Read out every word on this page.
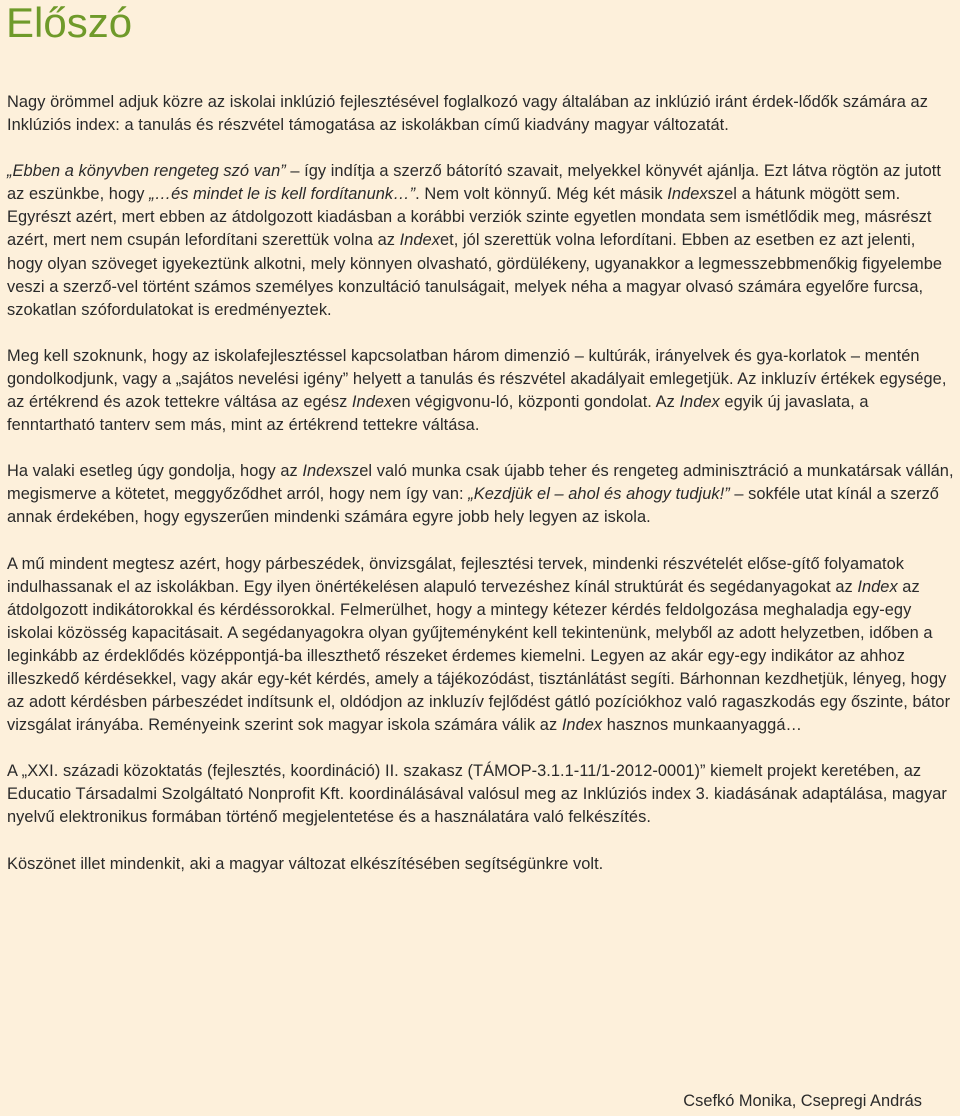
Előszó

Nagy örömmel adjuk közre az iskolai inklúzió fejlesztésével foglalkozó vagy általában az inklúzió iránt érdek-lődők számára az Inklúziós index: a tanulás és részvétel támogatása az iskolákban című kiadvány magyar változatát.

„Ebben a könyvben rengeteg szó van” – így indítja a szerző bátorító szavait, melyekkel könyvét ajánlja. Ezt látva rögtön az jutott az eszünkbe, hogy „…és mindet le is kell fordítanunk…”. Nem volt könnyű. Még két másik Indexszel a hátunk mögött sem. Egyrészt azért, mert ebben az átdolgozott kiadásban a korábbi verziók szinte egyetlen mondata sem ismétlődik meg, másrészt azért, mert nem csupán lefordítani szerettük volna az Indexet, jól szerettük volna lefordítani. Ebben az esetben ez azt jelenti, hogy olyan szöveget igyekeztünk alkotni, mely könnyen olvasható, gördülékeny, ugyanakkor a legmesszebbmenőkig figyelembe veszi a szerző-vel történt számos személyes konzultáció tanulságait, melyek néha a magyar olvasó számára egyelőre furcsa, szokatlan szófordulatokat is eredményeztek.

Meg kell szoknunk, hogy az iskolafejlesztéssel kapcsolatban három dimenzió – kultúrák, irányelvek és gya-korlatok – mentén gondolkodjunk, vagy a „sajátos nevelési igény” helyett a tanulás és részvétel akadályait emlegetjük. Az inkluzív értékek egysége, az értékrend és azok tettekre váltása az egész Indexen végigvonu-ló, központi gondolat. Az Index egyik új javaslata, a fenntartható tanterv sem más, mint az értékrend tettekre váltása.

Ha valaki esetleg úgy gondolja, hogy az Indexszel való munka csak újabb teher és rengeteg adminisztráció a munkatársak vállán, megismerve a kötetet, meggyőződhet arról, hogy nem így van: „Kezdjük el – ahol és ahogy tudjuk!” – sokféle utat kínál a szerző annak érdekében, hogy egyszerűen mindenki számára egyre jobb hely legyen az iskola.

A mű mindent megtesz azért, hogy párbeszédek, önvizsgálat, fejlesztési tervek, mindenki részvételét előse-gítő folyamatok indulhassanak el az iskolákban. Egy ilyen önértékelésen alapuló tervezéshez kínál struktúrát és segédanyagokat az Index az átdolgozott indikátorokkal és kérdéssorokkal. Felmerülhet, hogy a mintegy kétezer kérdés feldolgozása meghaladja egy-egy iskolai közösség kapacitásait. A segédanyagokra olyan gyűjteményként kell tekintenünk, melyből az adott helyzetben, időben a leginkább az érdeklődés középpontjá-ba illeszthető részeket érdemes kiemelni. Legyen az akár egy-egy indikátor az ahhoz illeszkedő kérdésekkel, vagy akár egy-két kérdés, amely a tájékozódást, tisztánlátást segíti. Bárhonnan kezdhetjük, lényeg, hogy az adott kérdésben párbeszédet indítsunk el, oldódjon az inkluzív fejlődést gátló pozíciókhoz való ragaszkodás egy őszinte, bátor vizsgálat irányába. Reményeink szerint sok magyar iskola számára válik az Index hasznos munkaanyaggá…

A „XXI. századi közoktatás (fejlesztés, koordináció) II. szakasz (TÁMOP-3.1.1-11/1-2012-0001)” kiemelt projekt keretében, az Educatio Társadalmi Szolgáltató Nonprofit Kft. koordinálásával valósul meg az Inklúziós index 3. kiadásának adaptálása, magyar nyelvű elektronikus formában történő megjelentetése és a használatára való felkészítés.

Köszönet illet mindenkit, aki a magyar változat elkészítésében segítségünkre volt.

Csefkó Monika, Csepregi András
